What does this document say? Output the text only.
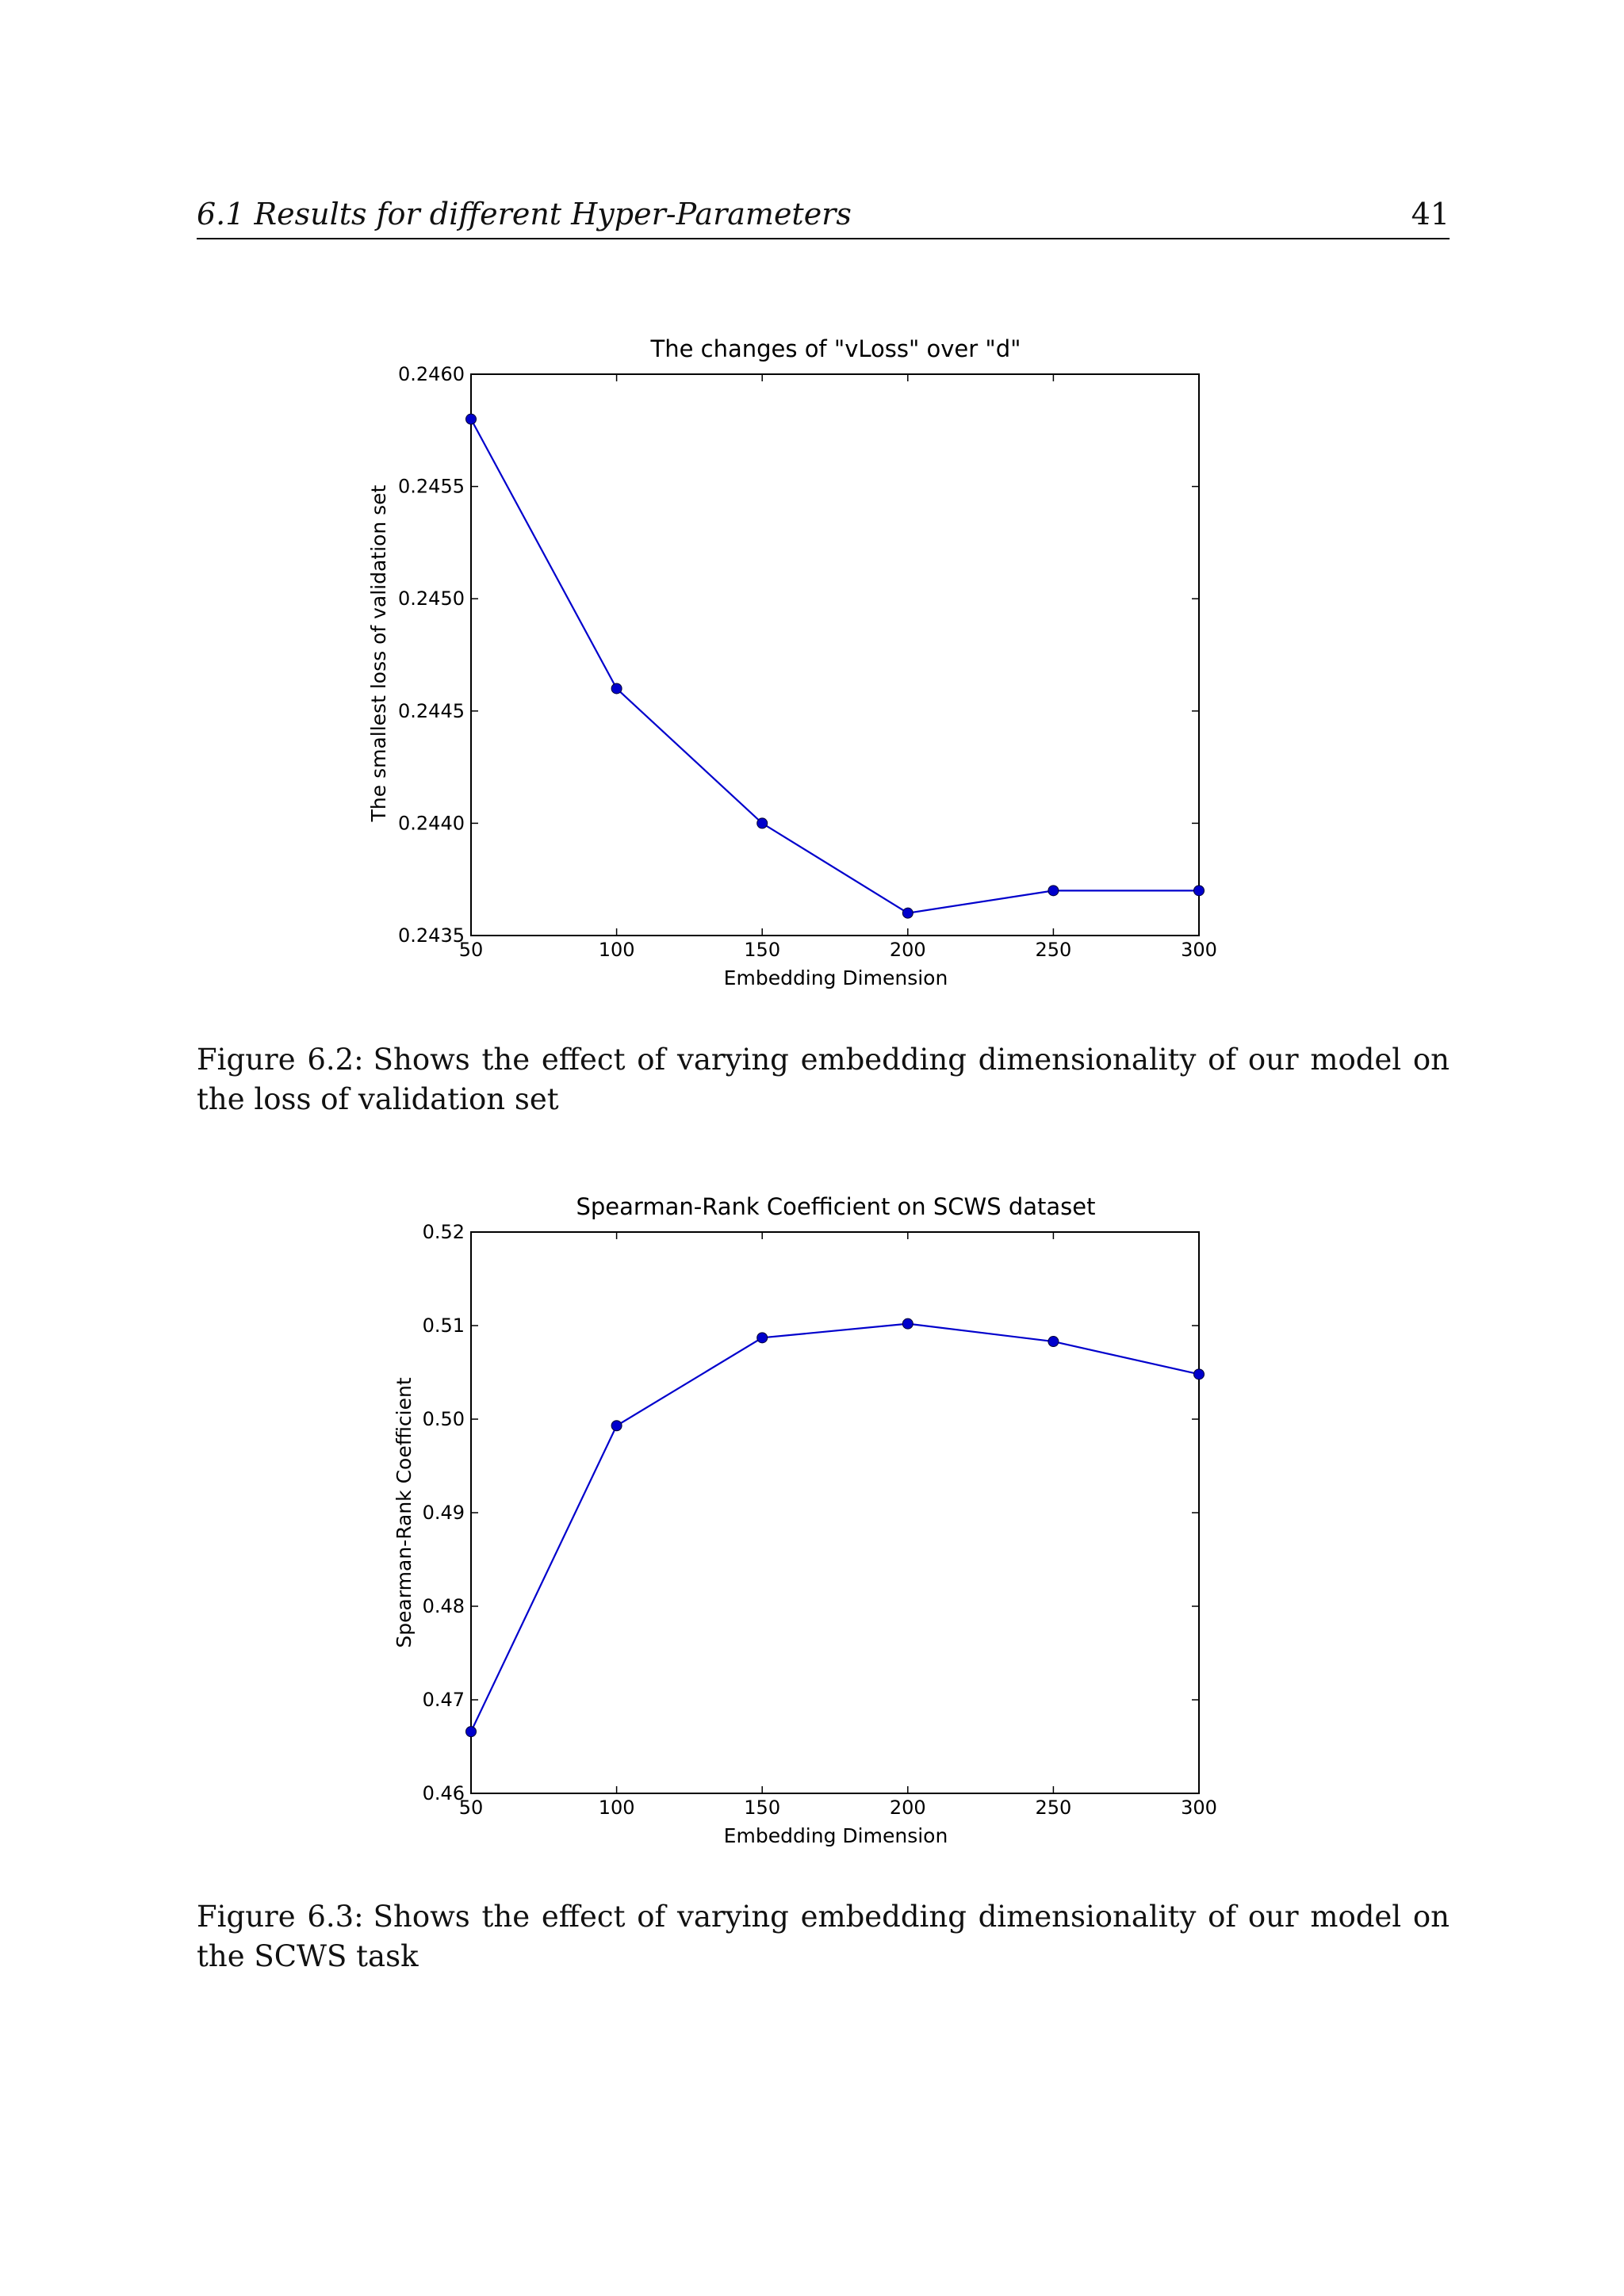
6.1 Results for different Hyper-Parameters	41
The changes of "vLoss" over "d"
The smallest loss of validation set
Embedding Dimension
0.2435
0.2440
0.2445
0.2450
0.2455
0.2460
50	100	150	200	250	300
Figure 6.2: Shows the effect of varying embedding dimensionality of our model on the loss of validation set
Spearman-Rank Coefficient on SCWS dataset
Spearman-Rank Coefficient
Embedding Dimension
0.46
0.47
0.48
0.49
0.50
0.51
0.52
50	100	150	200	250	300
Figure 6.3: Shows the effect of varying embedding dimensionality of our model on the SCWS task
